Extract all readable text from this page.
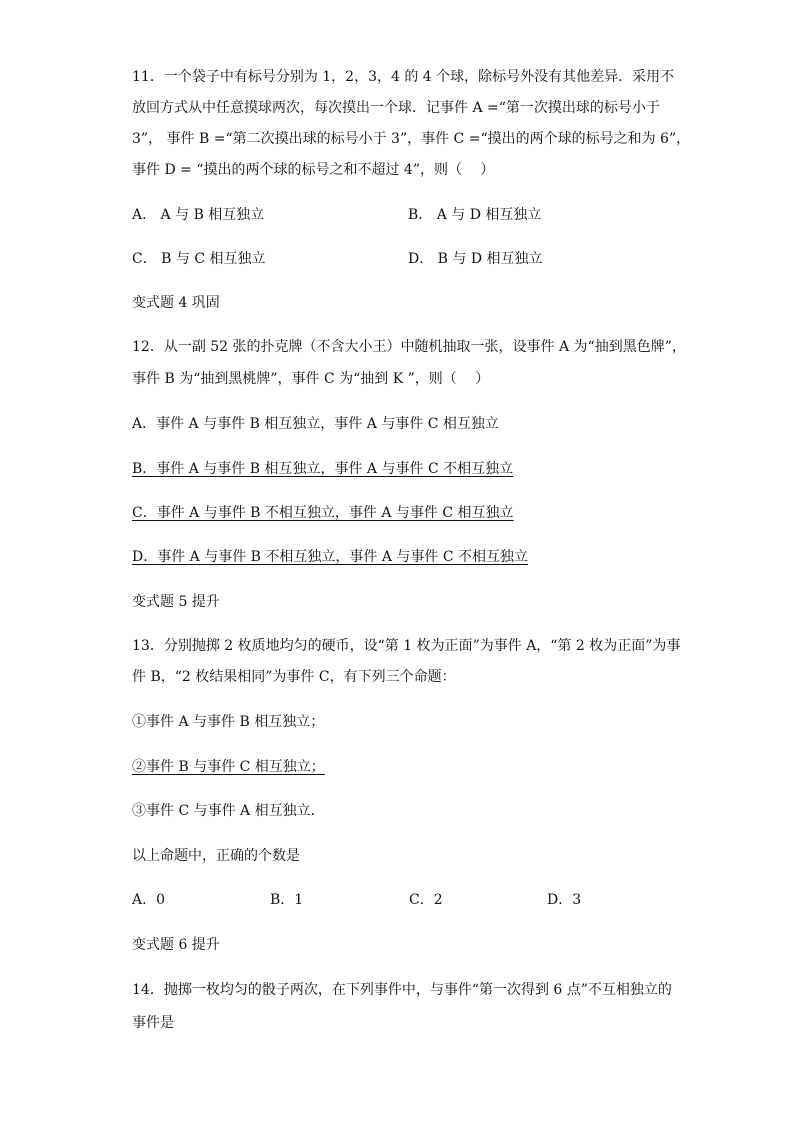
11．一个袋子中有标号分别为 1，2，3，4 的 4 个球，除标号外没有其他差异．采用不
放回方式从中任意摸球两次，每次摸出一个球．记事件 A =“第一次摸出球的标号小于
3”， 事件 B =“第二次摸出球的标号小于 3”，事件 C =“摸出的两个球的标号之和为 6”，
事件 D = “摸出的两个球的标号之和不超过 4”，则（　 ）
A． A 与 B 相互独立	B． A 与 D 相互独立
C． B 与 C 相互独立	D． B 与 D 相互独立
变式题 4 巩固
12．从一副 52 张的扑克牌（不含大小王）中随机抽取一张，设事件 A 为“抽到黑色牌”，
事件 B 为“抽到黑桃牌”，事件 C 为“抽到 K ”，则（　 ）
A．事件 A 与事件 B 相互独立，事件 A 与事件 C 相互独立
B．事件 A 与事件 B 相互独立，事件 A 与事件 C 不相互独立
C．事件 A 与事件 B 不相互独立，事件 A 与事件 C 相互独立
D．事件 A 与事件 B 不相互独立，事件 A 与事件 C 不相互独立
变式题 5 提升
13．分别抛掷 2 枚质地均匀的硬币，设“第 1 枚为正面”为事件 A，“第 2 枚为正面”为事
件 B，“2 枚结果相同”为事件 C，有下列三个命题：
①事件 A 与事件 B 相互独立；
②事件 B 与事件 C 相互独立；
③事件 C 与事件 A 相互独立．
以上命题中，正确的个数是
A．0	B．1	C．2	D．3
变式题 6 提升
14．抛掷一枚均匀的骰子两次，在下列事件中，与事件“第一次得到 6 点”不互相独立的
事件是
